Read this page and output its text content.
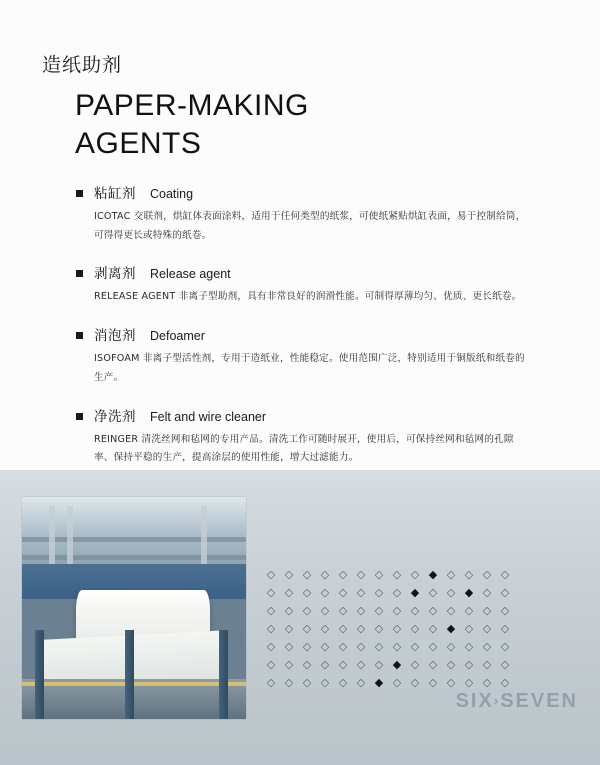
造纸助剂
PAPER-MAKING
AGENTS
粘缸剂 Coating
ICOTAC 交联剂，烘缸体表面涂料，适用于任何类型的纸浆，可使纸紧贴烘缸表面，易于控制给筒，可得得更长或特殊的纸卷。
剥离剂 Release agent
RELEASE AGENT 非离子型助剂，具有非常良好的润滑性能。可制得厚薄均匀、优质、更长纸卷。
消泡剂 Defoamer
ISOFOAM 非离子型活性剂，专用于造纸业，性能稳定。使用范围广泛，特别适用于铜版纸和纸卷的生产。
净洗剂 Felt and wire cleaner
REINGER 清洗丝网和毡网的专用产品。清洗工作可随时展开，使用后，可保持丝网和毡网的孔隙率、保持平稳的生产，提高涂层的使用性能，增大过滤能力。
◇ ◇ ◇ ◇ ◇ ◇ ◇ ◇ ◇ ◆ ◇ ◇ ◇ ◇
◇ ◇ ◇ ◇ ◇ ◇ ◇ ◇ ◆ ◇ ◇ ◆ ◇ ◇
◇ ◇ ◇ ◇ ◇ ◇ ◇ ◇ ◇ ◇ ◇ ◇ ◇ ◇
◇ ◇ ◇ ◇ ◇ ◇ ◇ ◇ ◇ ◇ ◆ ◇ ◇ ◇
◇ ◇ ◇ ◇ ◇ ◇ ◇ ◇ ◇ ◇ ◇ ◇ ◇ ◇
◇ ◇ ◇ ◇ ◇ ◇ ◇ ◆ ◇ ◇ ◇ ◇ ◇ ◇
◇ ◇ ◇ ◇ ◇ ◇ ◆ ◇ ◇ ◇ ◇ ◇ ◇ ◇
SIX›SEVEN
